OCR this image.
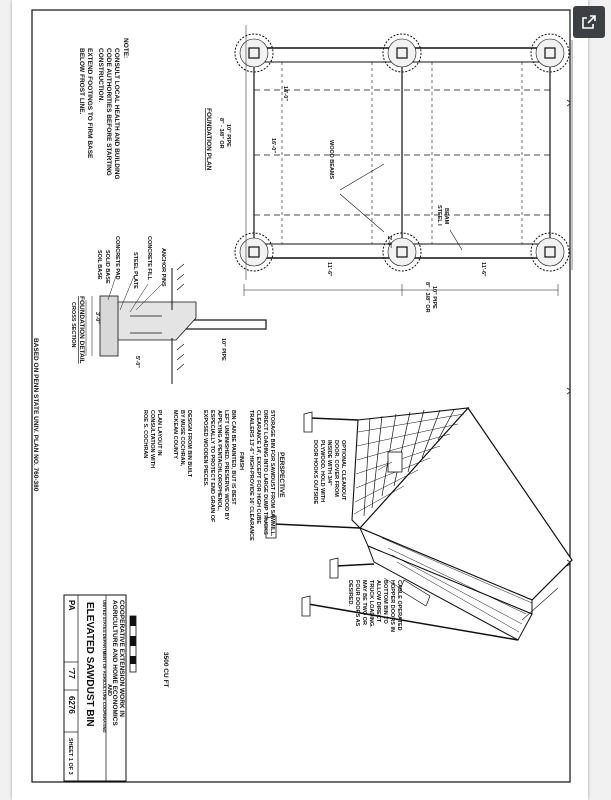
FOUNDATION PLAN 8" - 3/8" OR 10" PIPE	16'-0"
14'-0"
WOOD BEAMS
STEEL I BEAM
2'-0"
11'-6"	11'-6"
8" - 3/8" OR 10" PIPE
NOTE:
CONSULT LOCAL HEALTH AND BUILDING
CODE AUTHORITIES BEFORE STARTING
CONSTRUCTION.
EXTEND FOOTINGS TO FIRM BASE
BELOW FROST LINE.
ANCHOR PINS
CONCRETE FILL
STEEL PLATE
CONCRETE PAD
SOLID BASE
SOIL BASE
10" PIPE
3'-0"
5'-0"
FOUNDATION DETAIL
CROSS SECTION
BASED ON PENN STATE UNIV. PLAN NO. 760-380	PERSPECTIVE
STORAGE BIN FOR SAWDUST FROM SAWMILL.
DIRECT LOADING INTO LARGE DUMP TRUCKS
CLEARANCE 14', EXCEPT FOR HIGH CUBE
TRAILERS 13'-6" HIGH-PROVIDE 16' CLEARANCE
FINISH
BIN CAN BE PAINTED, BUT IS BEST
LEFT UNFINISHED. PRESERVE WOOD BY
APPLYING A PENTACHLOROPHENOL,
ESPECIALLY TO PROTECT END GRAIN OF
EXPOSED WOODEN PIECES.
DESIGN FROM BIN BUILT
BY MUSE COCHRAN,
MCKEAN COUNTY
PLAN LAYOUT IN
CONSULTATION WITH
ROE S. COCHRAN
OPTIONAL CLEANOUT
DOOR. COVER FROM
INSIDE WITH 3/4"
PLYWOOD. HOLD WITH
DOOR HOOKS OUTSIDE
CABLE OPERATED
HOPPER DOORS IN
BOTTOM BIN TO
ALLOW DIRECT
TRUCK LOADING.
MAY BE TWO OR
FOUR DOORS AS
DESIRED.
3500 CU FT
COOPERATIVE EXTENSION WORK IN
AGRICULTURE AND HOME ECONOMICS
AND
UNITED STATES DEPARTMENT OF AGRICULTURE COOPERATING
ELEVATED SAWDUST BIN
PA
'77
6276
SHEET 1 OF 3
